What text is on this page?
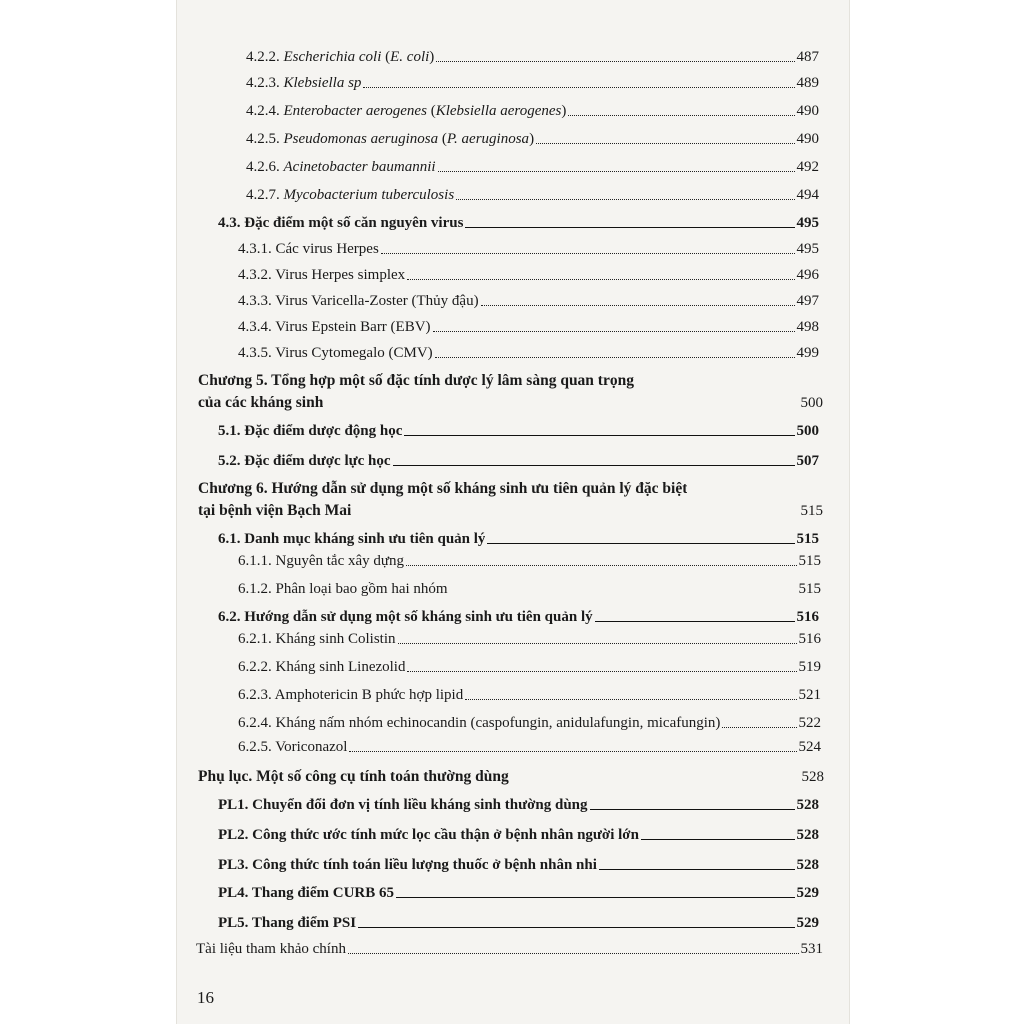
4.2.2. Escherichia coli (E. coli)	487
4.2.3. Klebsiella sp	489
4.2.4. Enterobacter aerogenes (Klebsiella aerogenes)	490
4.2.5. Pseudomonas aeruginosa (P. aeruginosa)	490
4.2.6. Acinetobacter baumannii	492
4.2.7. Mycobacterium tuberculosis	494
4.3. Đặc điểm một số căn nguyên virus	495
4.3.1. Các virus Herpes	495
4.3.2. Virus Herpes simplex	496
4.3.3. Virus Varicella-Zoster (Thủy đậu)	497
4.3.4. Virus Epstein Barr (EBV)	498
4.3.5. Virus Cytomegalo (CMV)	499
Chương 5. Tổng hợp một số đặc tính dược lý lâm sàng quan trọng
của các kháng sinh	500
5.1. Đặc điểm dược động học	500
5.2. Đặc điểm dược lực học	507
Chương 6. Hướng dẫn sử dụng một số kháng sinh ưu tiên quản lý đặc biệt
tại bệnh viện Bạch Mai	515
6.1. Danh mục kháng sinh ưu tiên quản lý	515
6.1.1. Nguyên tắc xây dựng	515
6.1.2. Phân loại bao gồm hai nhóm	515
6.2. Hướng dẫn sử dụng một số kháng sinh ưu tiên quản lý	516
6.2.1. Kháng sinh Colistin	516
6.2.2. Kháng sinh Linezolid	519
6.2.3. Amphotericin B phức hợp lipid	521
6.2.4. Kháng nấm nhóm echinocandin (caspofungin, anidulafungin, micafungin)	522
6.2.5. Voriconazol	524
Phụ lục. Một số công cụ tính toán thường dùng	528
PL1. Chuyển đổi đơn vị tính liều kháng sinh thường dùng	528
PL2. Công thức ước tính mức lọc cầu thận ở bệnh nhân người lớn	528
PL3. Công thức tính toán liều lượng thuốc ở bệnh nhân nhi	528
PL4. Thang điểm CURB 65	529
PL5. Thang điểm PSI	529
Tài liệu tham khảo chính	531
16
